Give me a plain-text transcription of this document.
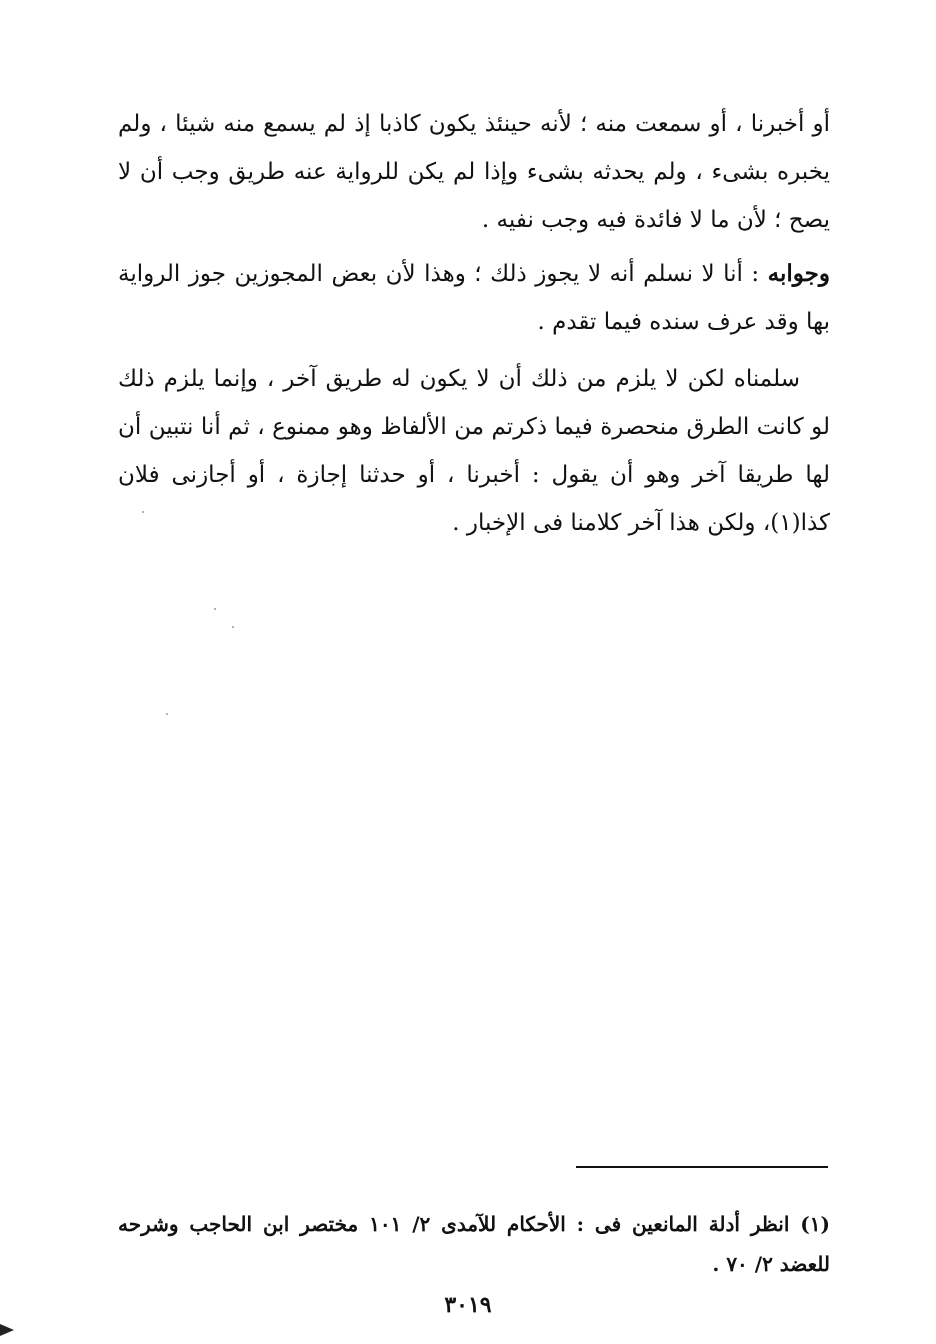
أو أخبرنا ، أو سمعت منه ؛ لأنه حينئذ يكون كاذبا إذ لم يسمع منه شيئا ، ولم يخبره بشىء ، ولم يحدثه بشىء وإذا لم يكن للرواية عنه طريق وجب أن لا يصح ؛ لأن ما لا فائدة فيه وجب نفيه .

وجوابه : أنا لا نسلم أنه لا يجوز ذلك ؛ وهذا لأن بعض المجوزين جوز الرواية بها وقد عرف سنده فيما تقدم .

سلمناه لكن لا يلزم من ذلك أن لا يكون له طريق آخر ، وإنما يلزم ذلك لو كانت الطرق منحصرة فيما ذكرتم من الألفاظ وهو ممنوع ، ثم أنا نتبين أن لها طريقا آخر وهو أن يقول : أخبرنا ، أو حدثنا إجازة ، أو أجازنى فلان كذا(١)، ولكن هذا آخر كلامنا فى الإخبار .

(١) انظر أدلة المانعين فى : الأحكام للآمدى ٢/ ١٠١ مختصر ابن الحاجب وشرحه للعضد ٢/ ٧٠ .

٣٠١٩
